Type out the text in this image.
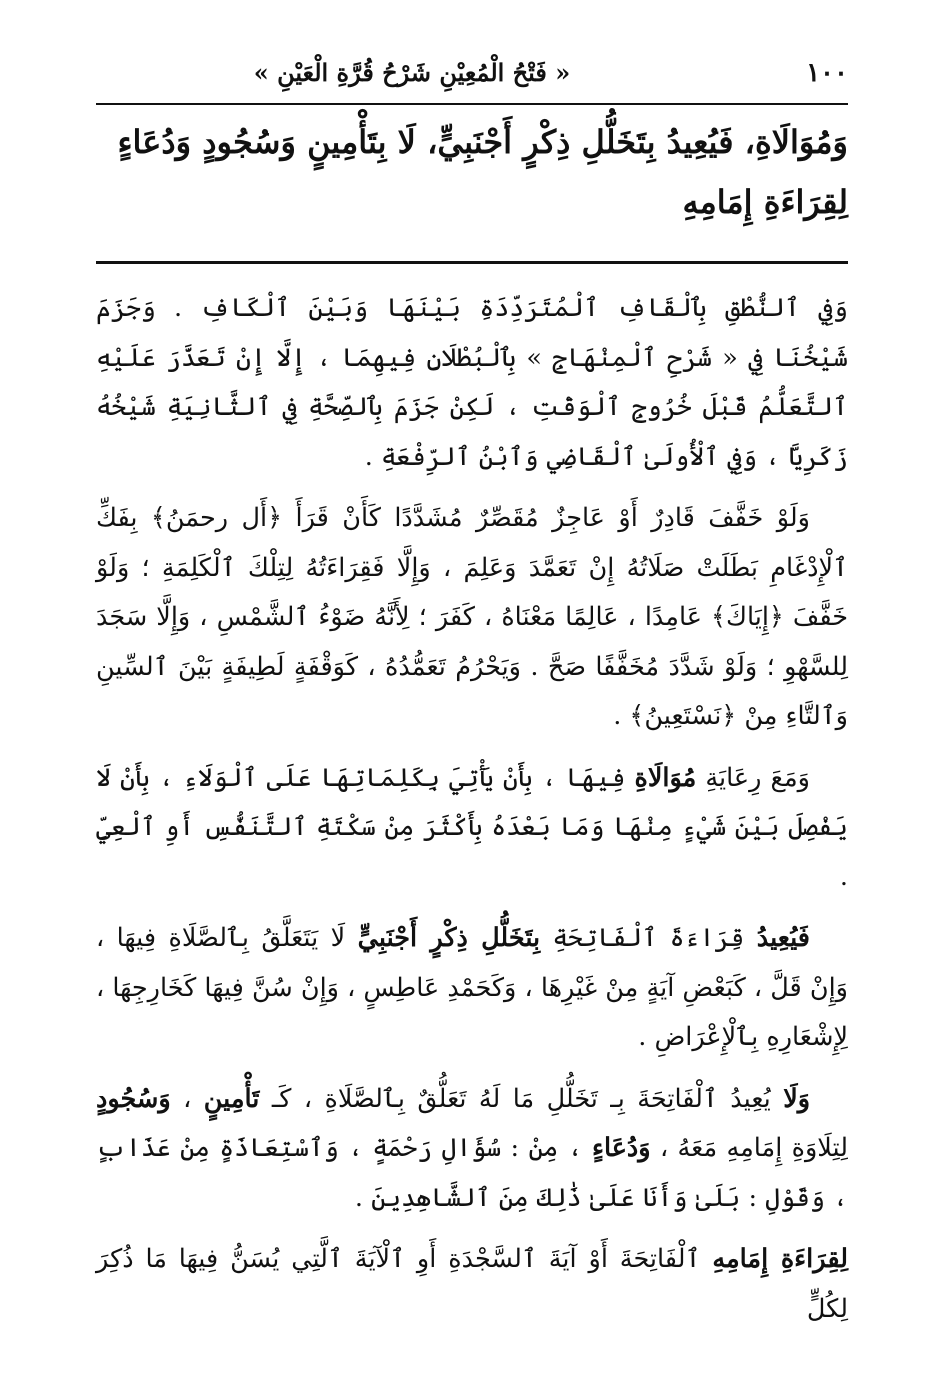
١٠٠
« فَتْحُ الْمُعِيْنِ شَرْحُ قُرَّةِ الْعَيْنِ »

وَمُوَالَاةِ، فَيُعِيدُ بِتَخَلُّلِ ذِكْرٍ أَجْنَبِيٍّ، لَا بِتَأْمِينٍ وَسُجُودٍ وَدُعَاءٍ

لِقِرَاءَةِ إِمَامِهِ

وَفِي ٱلنُّطْقِ بِٱلْقَافِ ٱلْمُتَرَدِّدَةِ بَيْنَهَا وَبَيْنَ ٱلْكَافِ . وَجَزَمَ شَيْخُنَا فِي « شَرْحِ ٱلْمِنْهَاجِ » بِٱلْبُطْلَانِ فِيهِمَا ، إِلَّا إِنْ تَعَذَّرَ عَلَيْهِ ٱلتَّعَلُّمُ قَبْلَ خُرُوجِ ٱلْوَقْتِ ، لَكِنْ جَزَمَ بِٱلصِّحَّةِ فِي ٱلثَّانِيَةِ شَيْخُهُ زَكَرِيَّا ، وَفِي ٱلْأُولَىٰ ٱلْقَاضِي وَٱبْنُ ٱلرِّفْعَةِ .

وَلَوْ خَفَّفَ قَادِرٌ أَوْ عَاجِزٌ مُقَصِّرٌ مُشَدَّدًا كَأَنْ قَرَأَ ﴿أَل رحمَنُ﴾ بِفَكِّ ٱلْإِدْغَامِ بَطَلَتْ صَلَاتُهُ إِنْ تَعَمَّدَ وَعَلِمَ ، وَإِلَّا فَقِرَاءَتُهُ لِتِلْكَ ٱلْكَلِمَةِ ؛ وَلَوْ خَفَّفَ ﴿إِيَاكَ﴾ عَامِدًا ، عَالِمًا مَعْنَاهُ ، كَفَرَ ؛ لِأَنَّهُ ضَوْءُ ٱلشَّمْسِ ، وَإِلَّا سَجَدَ لِلسَّهْوِ ؛ وَلَوْ شَدَّدَ مُخَفَّفًا صَحَّ . وَيَحْرُمُ تَعَمُّدُهُ ، كَوَقْفَةٍ لَطِيفَةٍ بَيْنَ ٱلسِّينِ وَٱلتَّاءِ مِنْ ﴿نَسْتَعِينُ﴾ .

وَمَعَ رِعَايَةِ مُوَالَاةِ فِيهَا ، بِأَنْ يَأْتِيَ بِكَلِمَاتِهَا عَلَى ٱلْوَلَاءِ ، بِأَنْ لَا يَفْصِلَ بَيْنَ شَيْءٍ مِنْهَا وَمَا بَعْدَهُ بِأَكْثَرَ مِنْ سَكْتَةِ ٱلتَّنَفُّسِ أَوِ ٱلْعِيِّ .

فَيُعِيدُ قِرَاءَةَ ٱلْفَاتِحَةِ بِتَخَلُّلِ ذِكْرٍ أَجْنَبِيٍّ لَا يَتَعَلَّقُ بِٱلصَّلَاةِ فِيهَا ، وَإِنْ قَلَّ ، كَبَعْضِ آيَةٍ مِنْ غَيْرِهَا ، وَكَحَمْدِ عَاطِسٍ ، وَإِنْ سُنَّ فِيهَا كَخَارِجِهَا ، لِإِشْعَارِهِ بِٱلْإِعْرَاضِ .

وَلَا يُعِيدُ ٱلْفَاتِحَةَ بِـ تَخَلُّلِ مَا لَهُ تَعَلُّقٌ بِٱلصَّلَاةِ ، كَـ تَأْمِينٍ ، وَسُجُودٍ لِتِلَاوَةِ إِمَامِهِ مَعَهُ ، وَدُعَاءٍ ، مِنْ : سُؤَالِ رَحْمَةٍ ، وَٱسْتِعَاذَةٍ مِنْ عَذَابٍ ، وَقَوْلِ : بَلَىٰ وَأَنَا عَلَىٰ ذَٰلِكَ مِنَ ٱلشَّاهِدِينَ .

لِقِرَاءَةِ إِمَامِهِ ٱلْفَاتِحَةَ أَوْ آيَةَ ٱلسَّجْدَةِ أَوِ ٱلْآيَةَ ٱلَّتِي يُسَنُّ فِيهَا مَا ذُكِرَ لِكُلٍّ
